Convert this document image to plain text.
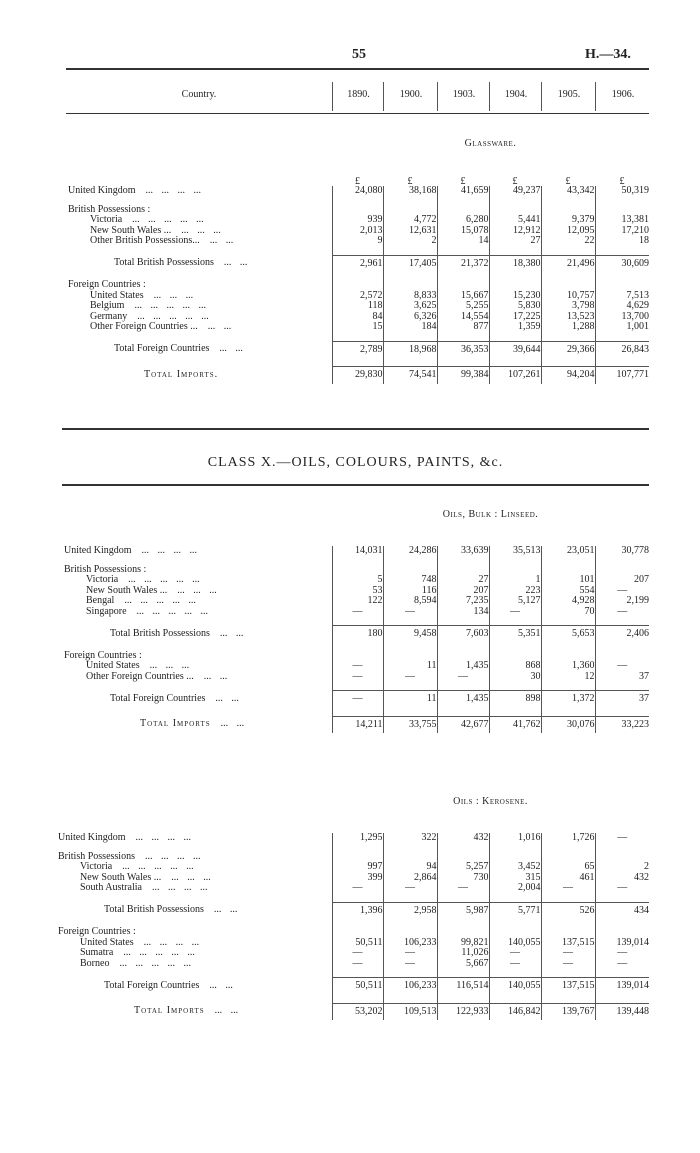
55	H.—34.
Country.	1890.	1900.	1903.	1904.	1905.	1906.
Glassware.
£	£	£	£	£	£
United Kingdom ... ... ... ...	24,080	38,168	41,659	49,237	43,342	50,319

British Possessions :						
Victoria ... ... ... ... ...	939	4,772	6,280	5,441	9,379	13,381
New South Wales ... ... ... ...	2,013	12,631	15,078	12,912	12,095	17,210
Other British Possessions... ... ...	9	2	14	27	22	18

Total British Possessions ... ...	2,961	17,405	21,372	18,380	21,496	30,609

Foreign Countries :						
United States ... ... ...	2,572	8,833	15,667	15,230	10,757	7,513
Belgium ... ... ... ... ...	118	3,625	5,255	5,830	3,798	4,629
Germany ... ... ... ... ...	84	6,326	14,554	17,225	13,523	13,700
Other Foreign Countries ... ... ...	15	184	877	1,359	1,288	1,001

Total Foreign Countries ... ...	2,789	18,968	36,353	39,644	29,366	26,843

Total Imports.	29,830	74,541	99,384	107,261	94,204	107,771
CLASS X.—OILS, COLOURS, PAINTS, &c.
Oils, Bulk : Linseed.
United Kingdom ... ... ... ...	14,031	24,286	33,639	35,513	23,051	30,778

British Possessions :						
Victoria ... ... ... ... ...	5	748	27	1	101	207
New South Wales ... ... ... ...	53	116	207	223	554	—
Bengal ... ... ... ... ...	122	8,594	7,235	5,127	4,928	2,199
Singapore ... ... ... ... ...	—	—	134	—	70	—

Total British Possessions ... ...	180	9,458	7,603	5,351	5,653	2,406

Foreign Countries :						
United States ... ... ...	—	11	1,435	868	1,360	—
Other Foreign Countries ... ... ...	—	—	—	30	12	37

Total Foreign Countries ... ...	—	11	1,435	898	1,372	37

Total Imports ... ...	14,211	33,755	42,677	41,762	30,076	33,223
Oils : Kerosene.
United Kingdom ... ... ... ...	1,295	322	432	1,016	1,726	—

British Possessions ... ... ... ...						
Victoria ... ... ... ... ...	997	94	5,257	3,452	65	2
New South Wales ... ... ... ...	399	2,864	730	315	461	432
South Australia ... ... ... ...	—	—	—	2,004	—	—

Total British Possessions ... ...	1,396	2,958	5,987	5,771	526	434

Foreign Countries :						
United States ... ... ... ...	50,511	106,233	99,821	140,055	137,515	139,014
Sumatra ... ... ... ... ...	—	—	11,026	—	—	—
Borneo ... ... ... ... ...	—	—	5,667	—	—	—

Total Foreign Countries ... ...	50,511	106,233	116,514	140,055	137,515	139,014

Total Imports ... ...	53,202	109,513	122,933	146,842	139,767	139,448
